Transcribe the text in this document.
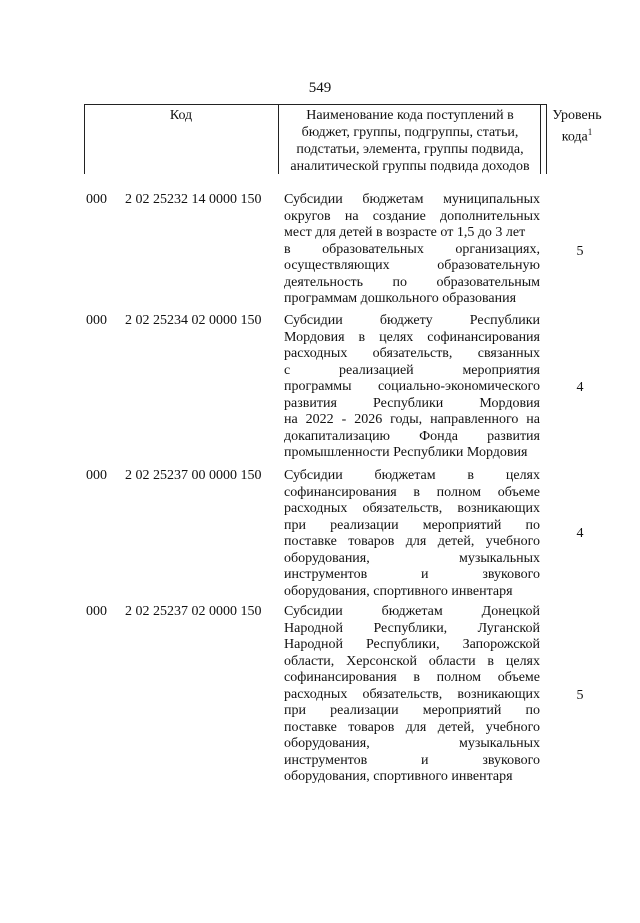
549
Код	Наименование кода поступлений в
бюджет, группы, подгруппы, статьи,
подстатьи, элемента, группы подвида,
аналитической группы подвида доходов
Уровень
кода$^1$
000	2 02 25232 14 0000 150	Субсидии бюджетам муниципальных
округов на создание дополнительных
мест для детей в возрасте от 1,5 до 3 лет
в образовательных организациях,
осуществляющих образовательную
деятельность по образовательным
программам дошкольного образования
5
000	2 02 25234 02 0000 150	Субсидии бюджету Республики
Мордовия в целях софинансирования
расходных обязательств, связанных
с реализацией мероприятия
программы социально-экономического
развития Республики Мордовия
на 2022 - 2026 годы, направленного на
докапитализацию Фонда развития
промышленности Республики Мордовия
4
000	2 02 25237 00 0000 150	Субсидии бюджетам в целях
софинансирования в полном объеме
расходных обязательств, возникающих
при реализации мероприятий по
поставке товаров для детей, учебного
оборудования, музыкальных
инструментов и звукового
оборудования, спортивного инвентаря
4
000	2 02 25237 02 0000 150	Субсидии бюджетам Донецкой
Народной Республики, Луганской
Народной Республики, Запорожской
области, Херсонской области в целях
софинансирования в полном объеме
расходных обязательств, возникающих
при реализации мероприятий по
поставке товаров для детей, учебного
оборудования, музыкальных
инструментов и звукового
оборудования, спортивного инвентаря
5
